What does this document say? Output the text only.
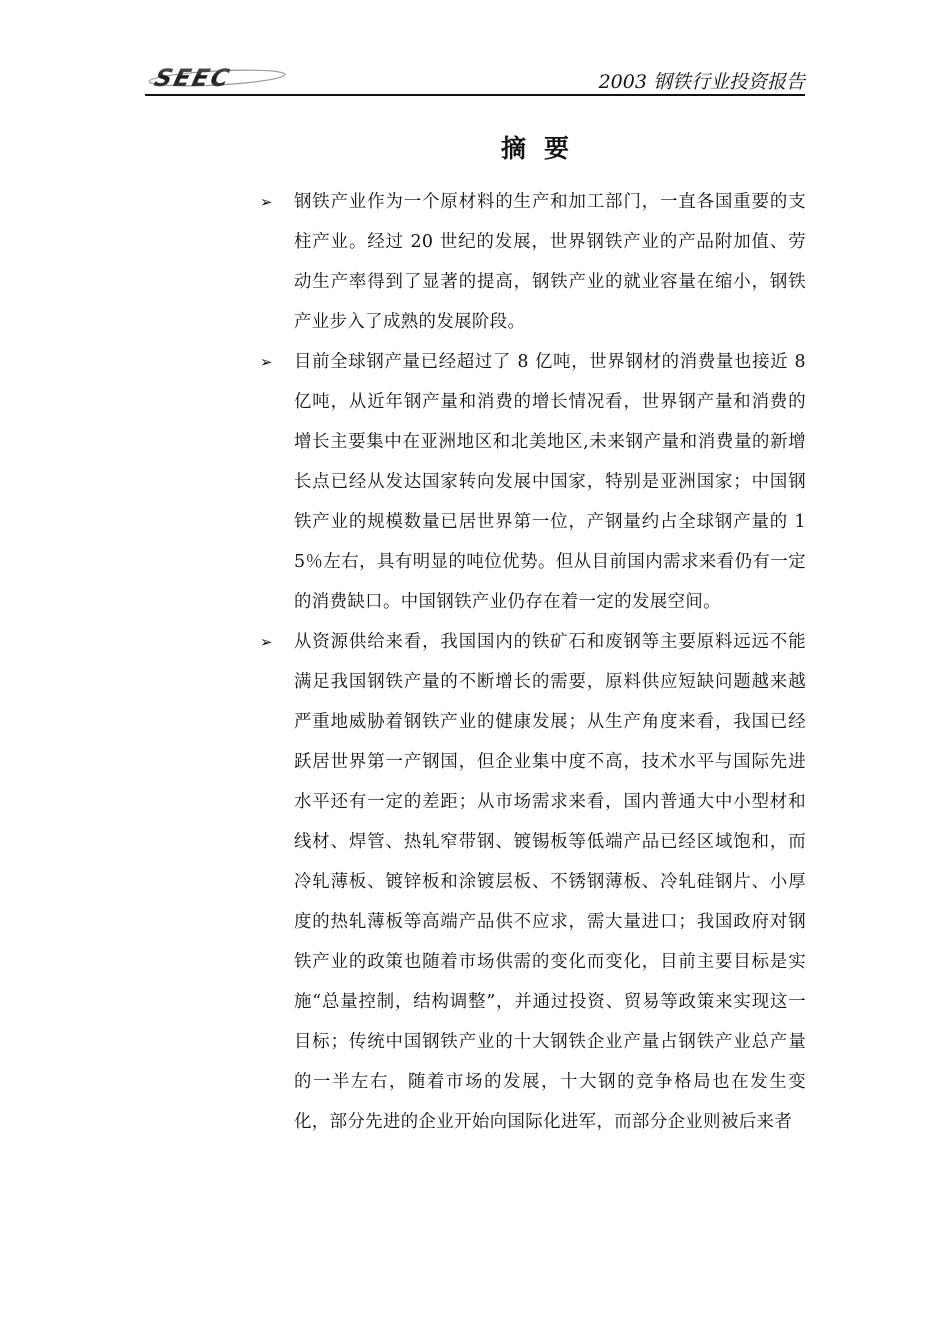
SEEC	2003 钢铁行业投资报告
摘要
➢ 钢铁产业作为一个原材料的生产和加工部门，一直各国重要的支柱产业。经过 20 世纪的发展，世界钢铁产业的产品附加值、劳动生产率得到了显著的提高，钢铁产业的就业容量在缩小，钢铁产业步入了成熟的发展阶段。
➢ 目前全球钢产量已经超过了 8 亿吨，世界钢材的消费量也接近 8 亿吨，从近年钢产量和消费的增长情况看，世界钢产量和消费的增长主要集中在亚洲地区和北美地区,未来钢产量和消费量的新增长点已经从发达国家转向发展中国家，特别是亚洲国家；中国钢铁产业的规模数量已居世界第一位，产钢量约占全球钢产量的 15％左右，具有明显的吨位优势。但从目前国内需求来看仍有一定的消费缺口。中国钢铁产业仍存在着一定的发展空间。
➢ 从资源供给来看，我国国内的铁矿石和废钢等主要原料远远不能满足我国钢铁产量的不断增长的需要，原料供应短缺问题越来越严重地威胁着钢铁产业的健康发展；从生产角度来看，我国已经跃居世界第一产钢国，但企业集中度不高，技术水平与国际先进水平还有一定的差距；从市场需求来看，国内普通大中小型材和线材、焊管、热轧窄带钢、镀锡板等低端产品已经区域饱和，而冷轧薄板、镀锌板和涂镀层板、不锈钢薄板、冷轧硅钢片、小厚度的热轧薄板等高端产品供不应求，需大量进口；我国政府对钢铁产业的政策也随着市场供需的变化而变化，目前主要目标是实施“总量控制，结构调整”，并通过投资、贸易等政策来实现这一目标；传统中国钢铁产业的十大钢铁企业产量占钢铁产业总产量的一半左右，随着市场的发展，十大钢的竞争格局也在发生变化，部分先进的企业开始向国际化进军，而部分企业则被后来者
